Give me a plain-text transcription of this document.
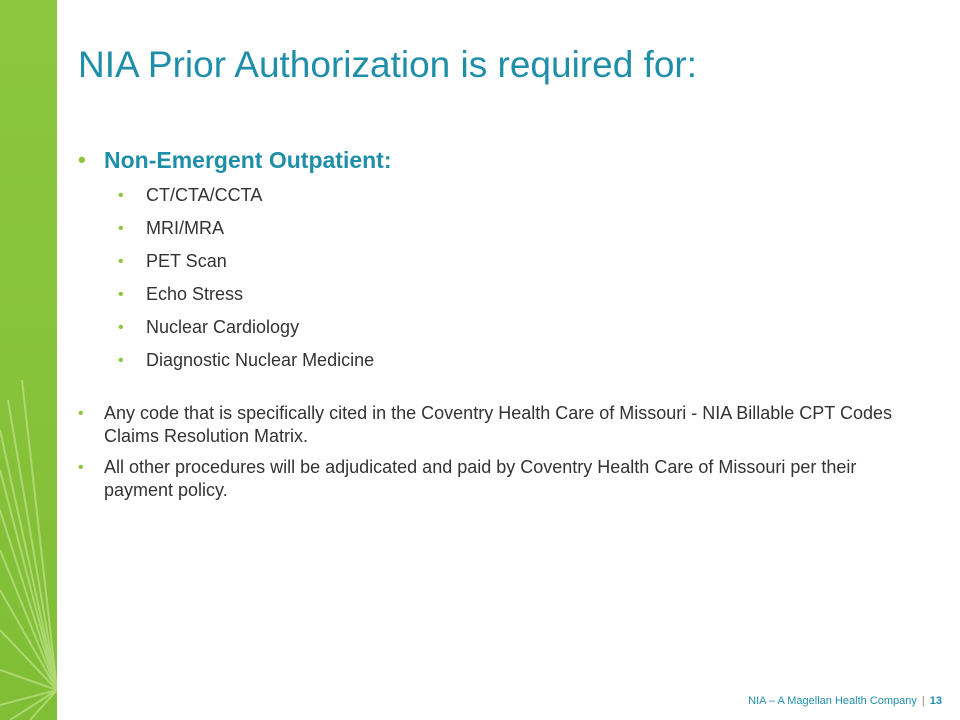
NIA Prior Authorization is required for:
• Non-Emergent Outpatient:
• CT/CTA/CCTA
• MRI/MRA
• PET Scan
• Echo Stress
• Nuclear Cardiology
• Diagnostic Nuclear Medicine
• Any code that is specifically cited in the Coventry Health Care of Missouri - NIA Billable CPT Codes Claims Resolution Matrix.
• All other procedures will be adjudicated and paid by Coventry Health Care of Missouri per their payment policy.
NIA – A Magellan Health Company | 13
